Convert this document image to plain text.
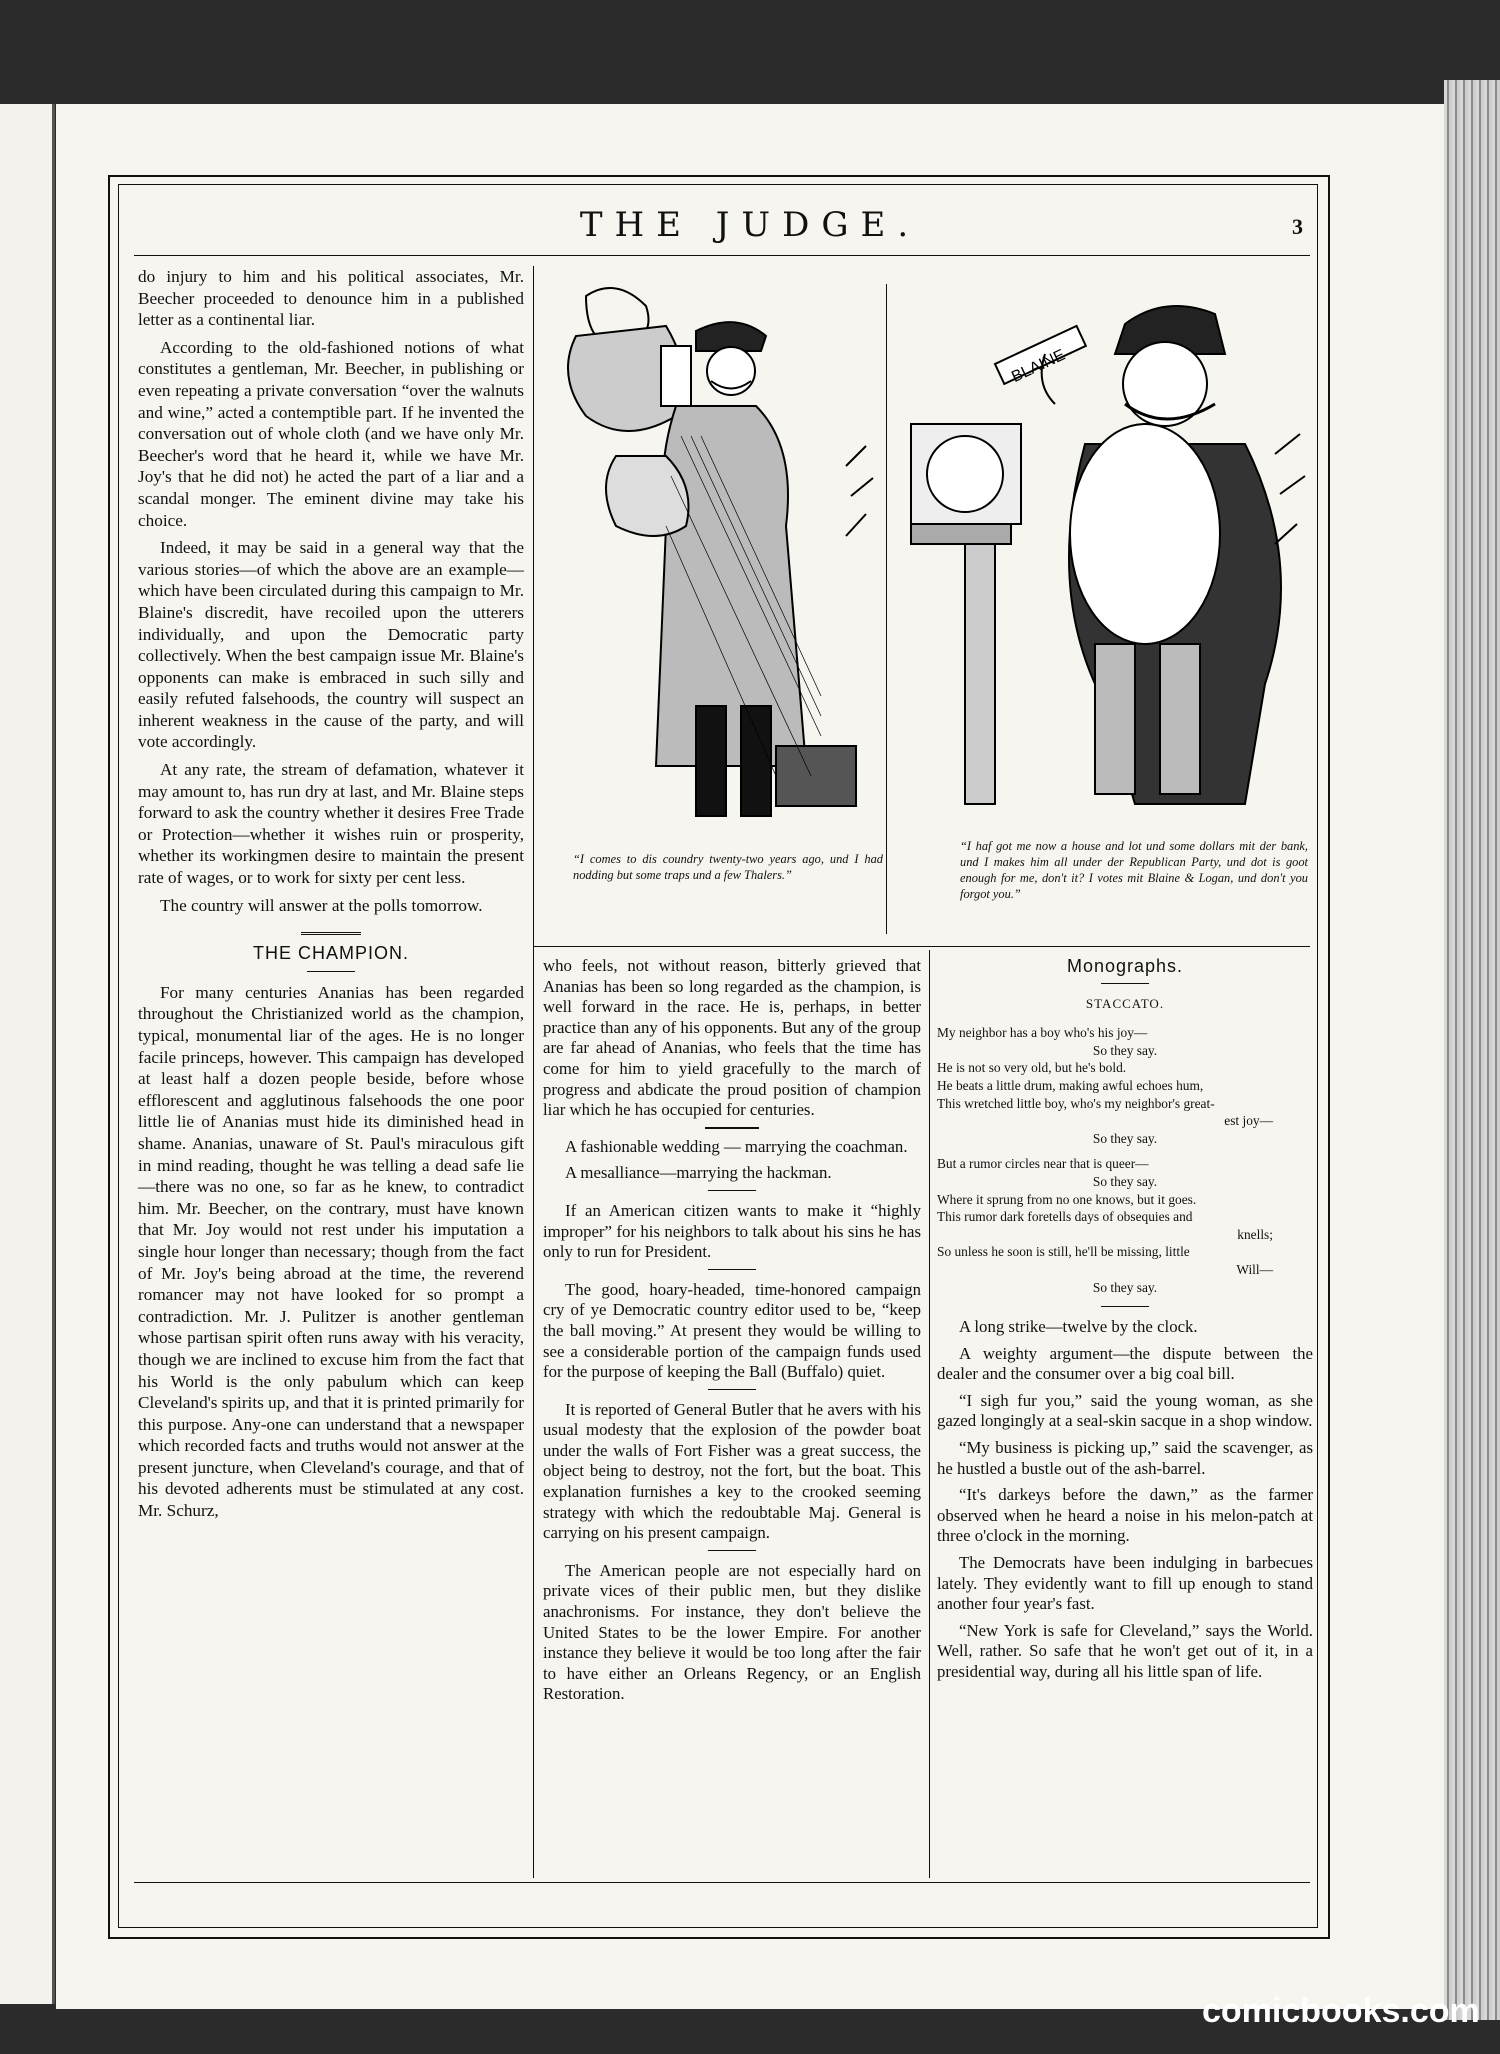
THE JUDGE.	3

do injury to him and his political associates, Mr. Beecher proceeded to denounce him in a published letter as a continental liar.

According to the old-fashioned notions of what constitutes a gentleman, Mr. Beecher, in publishing or even repeating a private conversation “over the walnuts and wine,” acted a contemptible part. If he invented the conversation out of whole cloth (and we have only Mr. Beecher's word that he heard it, while we have Mr. Joy's that he did not) he acted the part of a liar and a scandal monger. The eminent divine may take his choice.

Indeed, it may be said in a general way that the various stories—of which the above are an example—which have been circulated during this campaign to Mr. Blaine's discredit, have recoiled upon the utterers individually, and upon the Democratic party collectively. When the best campaign issue Mr. Blaine's opponents can make is embraced in such silly and easily refuted falsehoods, the country will suspect an inherent weakness in the cause of the party, and will vote accordingly.

At any rate, the stream of defamation, whatever it may amount to, has run dry at last, and Mr. Blaine steps forward to ask the country whether it desires Free Trade or Protection—whether it wishes ruin or prosperity, whether its workingmen desire to maintain the present rate of wages, or to work for sixty per cent less.

The country will answer at the polls tomorrow.

THE CHAMPION.

For many centuries Ananias has been regarded throughout the Christianized world as the champion, typical, monumental liar of the ages. He is no longer facile princeps, however. This campaign has developed at least half a dozen people beside, before whose efflorescent and agglutinous falsehoods the one poor little lie of Ananias must hide its diminished head in shame. Ananias, unaware of St. Paul's miraculous gift in mind reading, thought he was telling a dead safe lie—there was no one, so far as he knew, to contradict him. Mr. Beecher, on the contrary, must have known that Mr. Joy would not rest under his imputation a single hour longer than necessary; though from the fact of Mr. Joy's being abroad at the time, the reverend romancer may not have looked for so prompt a contradiction. Mr. J. Pulitzer is another gentleman whose partisan spirit often runs away with his veracity, though we are inclined to excuse him from the fact that his World is the only pabulum which can keep Cleveland's spirits up, and that it is printed primarily for this purpose. Any-one can understand that a newspaper which recorded facts and truths would not answer at the present juncture, when Cleveland's courage, and that of his devoted adherents must be stimulated at any cost. Mr. Schurz,

“I comes to dis coundry twenty-two years ago, und I had nodding but some traps und a few Thalers.”
BLAINE
“I haf got me now a house and lot und some dollars mit der bank, und I makes him all under der Republican Party, und dot is goot enough for me, don't it? I votes mit Blaine & Logan, und don't you forgot you.”

who feels, not without reason, bitterly grieved that Ananias has been so long regarded as the champion, is well forward in the race. He is, perhaps, in better practice than any of his opponents. But any of the group are far ahead of Ananias, who feels that the time has come for him to yield gracefully to the march of progress and abdicate the proud position of champion liar which he has occupied for centuries.

A fashionable wedding — marrying the coachman.

A mesalliance—marrying the hackman.

If an American citizen wants to make it “highly improper” for his neighbors to talk about his sins he has only to run for President.

The good, hoary-headed, time-honored campaign cry of ye Democratic country editor used to be, “keep the ball moving.” At present they would be willing to see a considerable portion of the campaign funds used for the purpose of keeping the Ball (Buffalo) quiet.

It is reported of General Butler that he avers with his usual modesty that the explosion of the powder boat under the walls of Fort Fisher was a great success, the object being to destroy, not the fort, but the boat. This explanation furnishes a key to the crooked seeming strategy with which the redoubtable Maj. General is carrying on his present campaign.

The American people are not especially hard on private vices of their public men, but they dislike anachronisms. For instance, they don't believe the United States to be the lower Empire. For another instance they believe it would be too long after the fair to have either an Orleans Regency, or an English Restoration.

Monographs.
STACCATO.
My neighbor has a boy who's his joy—
So they say.
He is not so very old, but he's bold.
He beats a little drum, making awful echoes hum,
This wretched little boy, who's my neighbor's great-
est joy—
So they say.
But a rumor circles near that is queer—
So they say.
Where it sprung from no one knows, but it goes.
This rumor dark foretells days of obsequies and
knells;
So unless he soon is still, he'll be missing, little
Will—
So they say.

A long strike—twelve by the clock.

A weighty argument—the dispute between the dealer and the consumer over a big coal bill.

“I sigh fur you,” said the young woman, as she gazed longingly at a seal-skin sacque in a shop window.

“My business is picking up,” said the scavenger, as he hustled a bustle out of the ash-barrel.

“It's darkeys before the dawn,” as the farmer observed when he heard a noise in his melon-patch at three o'clock in the morning.

The Democrats have been indulging in barbecues lately. They evidently want to fill up enough to stand another four year's fast.

“New York is safe for Cleveland,” says the World. Well, rather. So safe that he won't get out of it, in a presidential way, during all his little span of life.

comicbooks.com
